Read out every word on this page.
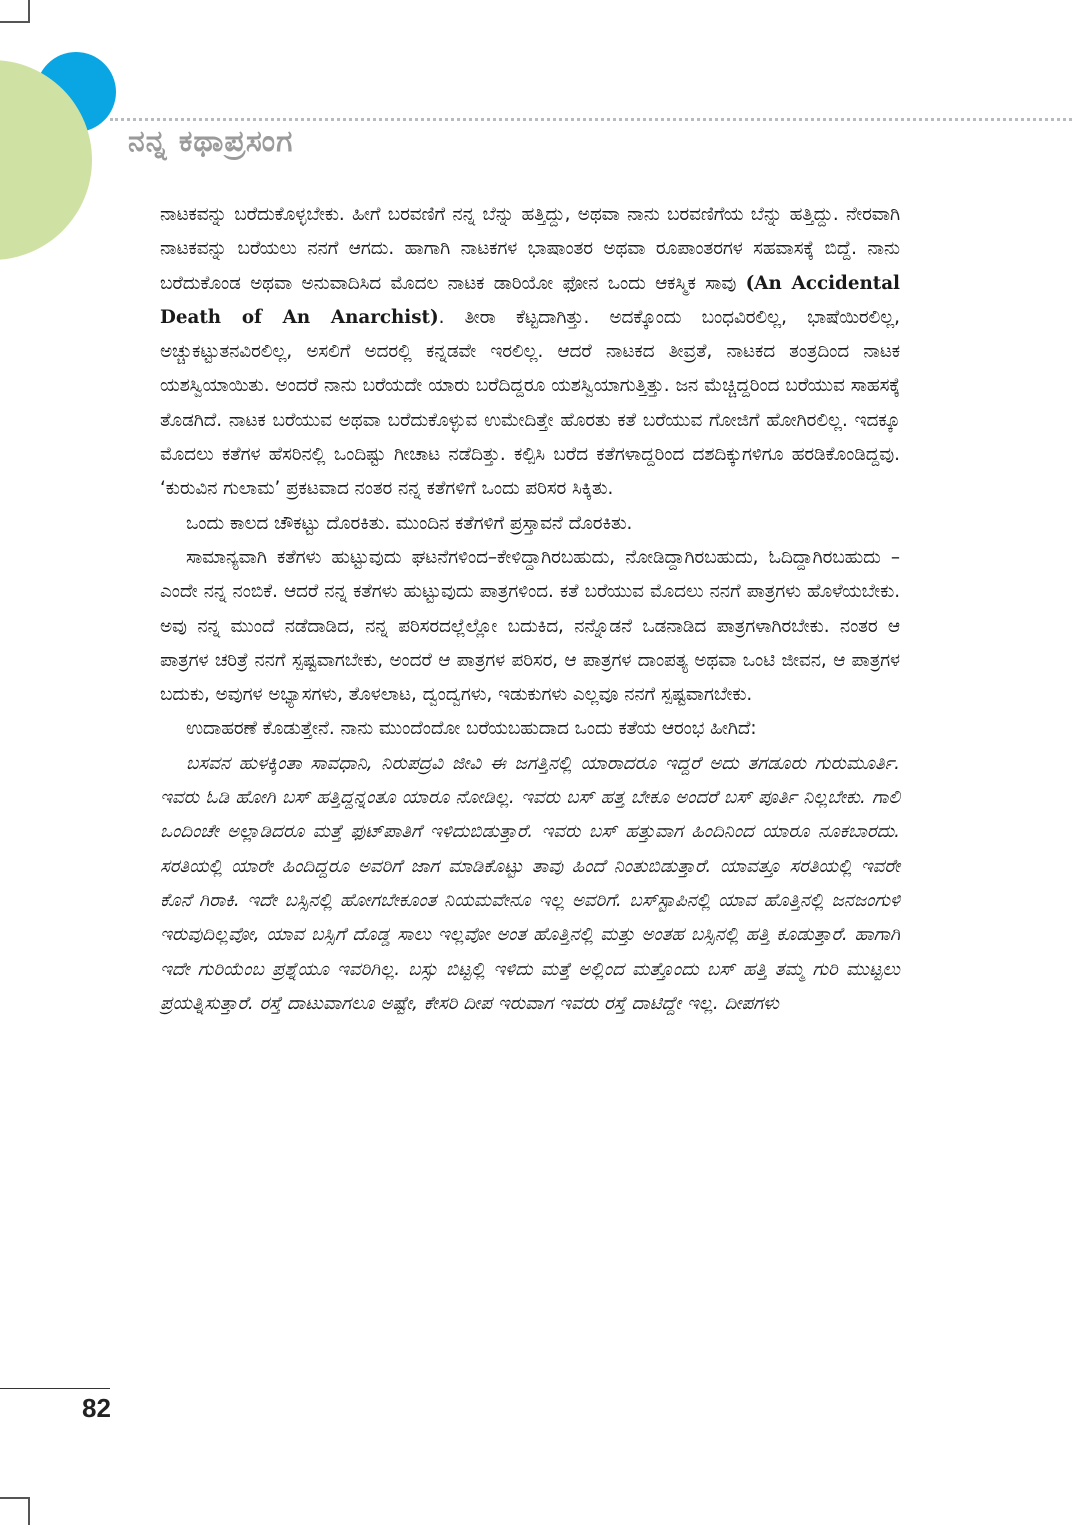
ನನ್ನ ಕಥಾಪ್ರಸಂಗ

ನಾಟಕವನ್ನು ಬರೆದುಕೊಳ್ಳಬೇಕು. ಹೀಗೆ ಬರವಣಿಗೆ ನನ್ನ ಬೆನ್ನು ಹತ್ತಿದ್ದು, ಅಥವಾ ನಾನು ಬರವಣಿಗೆಯ ಬೆನ್ನು ಹತ್ತಿದ್ದು. ನೇರವಾಗಿ ನಾಟಕವನ್ನು ಬರೆಯಲು ನನಗೆ ಆಗದು. ಹಾಗಾಗಿ ನಾಟಕಗಳ ಭಾಷಾಂತರ ಅಥವಾ ರೂಪಾಂತರಗಳ ಸಹವಾಸಕ್ಕೆ ಬಿದ್ದೆ. ನಾನು ಬರೆದುಕೊಂಡ ಅಥವಾ ಅನುವಾದಿಸಿದ ಮೊದಲ ನಾಟಕ ಡಾರಿಯೋ ಫೋನ ಒಂದು ಆಕಸ್ಮಿಕ ಸಾವು (An Accidental Death of An Anarchist). ತೀರಾ ಕೆಟ್ಟದಾಗಿತ್ತು. ಅದಕ್ಕೊಂದು ಬಂಧವಿರಲಿಲ್ಲ, ಭಾಷೆಯಿರಲಿಲ್ಲ, ಅಚ್ಚುಕಟ್ಟುತನವಿರಲಿಲ್ಲ, ಅಸಲಿಗೆ ಅದರಲ್ಲಿ ಕನ್ನಡವೇ ಇರಲಿಲ್ಲ. ಆದರೆ ನಾಟಕದ ತೀವ್ರತೆ, ನಾಟಕದ ತಂತ್ರದಿಂದ ನಾಟಕ ಯಶಸ್ವಿಯಾಯಿತು. ಅಂದರೆ ನಾನು ಬರೆಯದೇ ಯಾರು ಬರೆದಿದ್ದರೂ ಯಶಸ್ವಿಯಾಗುತ್ತಿತ್ತು. ಜನ ಮೆಚ್ಚಿದ್ದರಿಂದ ಬರೆಯುವ ಸಾಹಸಕ್ಕೆ ತೊಡಗಿದೆ. ನಾಟಕ ಬರೆಯುವ ಅಥವಾ ಬರೆದುಕೊಳ್ಳುವ ಉಮೇದಿತ್ತೇ ಹೊರತು ಕತೆ ಬರೆಯುವ ಗೋಜಿಗೆ ಹೋಗಿರಲಿಲ್ಲ. ಇದಕ್ಕೂ ಮೊದಲು ಕತೆಗಳ ಹೆಸರಿನಲ್ಲಿ ಒಂದಿಷ್ಟು ಗೀಚಾಟ ನಡೆದಿತ್ತು. ಕಲ್ಪಿಸಿ ಬರೆದ ಕತೆಗಳಾದ್ದರಿಂದ ದಶದಿಕ್ಕುಗಳಿಗೂ ಹರಡಿಕೊಂಡಿದ್ದವು. ‘ಕುರುವಿನ ಗುಲಾಮ’ ಪ್ರಕಟವಾದ ನಂತರ ನನ್ನ ಕತೆಗಳಿಗೆ ಒಂದು ಪರಿಸರ ಸಿಕ್ಕಿತು.

ಒಂದು ಕಾಲದ ಚೌಕಟ್ಟು ದೊರಕಿತು. ಮುಂದಿನ ಕತೆಗಳಿಗೆ ಪ್ರಸ್ತಾವನೆ ದೊರಕಿತು.

ಸಾಮಾನ್ಯವಾಗಿ ಕತೆಗಳು ಹುಟ್ಟುವುದು ಘಟನೆಗಳಿಂದ–ಕೇಳಿದ್ದಾಗಿರಬಹುದು, ನೋಡಿದ್ದಾಗಿರಬಹುದು, ಓದಿದ್ದಾಗಿರಬಹುದು – ಎಂದೇ ನನ್ನ ನಂಬಿಕೆ. ಆದರೆ ನನ್ನ ಕತೆಗಳು ಹುಟ್ಟುವುದು ಪಾತ್ರಗಳಿಂದ. ಕತೆ ಬರೆಯುವ ಮೊದಲು ನನಗೆ ಪಾತ್ರಗಳು ಹೊಳೆಯಬೇಕು. ಅವು ನನ್ನ ಮುಂದೆ ನಡೆದಾಡಿದ, ನನ್ನ ಪರಿಸರದಲ್ಲೆಲ್ಲೋ ಬದುಕಿದ, ನನ್ನೊಡನೆ ಒಡನಾಡಿದ ಪಾತ್ರಗಳಾಗಿರಬೇಕು. ನಂತರ ಆ ಪಾತ್ರಗಳ ಚರಿತ್ರೆ ನನಗೆ ಸ್ಪಷ್ಟವಾಗಬೇಕು, ಅಂದರೆ ಆ ಪಾತ್ರಗಳ ಪರಿಸರ, ಆ ಪಾತ್ರಗಳ ದಾಂಪತ್ಯ ಅಥವಾ ಒಂಟಿ ಜೀವನ, ಆ ಪಾತ್ರಗಳ ಬದುಕು, ಅವುಗಳ ಅಭ್ಯಾಸಗಳು, ತೊಳಲಾಟ, ದ್ವಂದ್ವಗಳು, ಇಡುಕುಗಳು ಎಲ್ಲವೂ ನನಗೆ ಸ್ಪಷ್ಟವಾಗಬೇಕು.

ಉದಾಹರಣೆ ಕೊಡುತ್ತೇನೆ. ನಾನು ಮುಂದೆಂದೋ ಬರೆಯಬಹುದಾದ ಒಂದು ಕತೆಯ ಆರಂಭ ಹೀಗಿದೆ:

ಬಸವನ ಹುಳಕ್ಕಿಂತಾ ಸಾವಧಾನಿ, ನಿರುಪದ್ರವಿ ಜೀವಿ ಈ ಜಗತ್ತಿನಲ್ಲಿ ಯಾರಾದರೂ ಇದ್ದರೆ ಅದು ತಗಡೂರು ಗುರುಮೂರ್ತಿ. ಇವರು ಓಡಿ ಹೋಗಿ ಬಸ್ ಹತ್ತಿದ್ದನ್ನಂತೂ ಯಾರೂ ನೋಡಿಲ್ಲ. ಇವರು ಬಸ್ ಹತ್ತ ಬೇಕೂ ಅಂದರೆ ಬಸ್ ಪೂರ್ತಿ ನಿಲ್ಲಬೇಕು. ಗಾಲಿ ಒಂದಿಂಚೇ ಅಲ್ಲಾಡಿದರೂ ಮತ್ತೆ ಫುಟ್‌ಪಾತಿಗೆ ಇಳಿದುಬಿಡುತ್ತಾರೆ. ಇವರು ಬಸ್ ಹತ್ತುವಾಗ ಹಿಂದಿನಿಂದ ಯಾರೂ ನೂಕಬಾರದು. ಸರತಿಯಲ್ಲಿ ಯಾರೇ ಹಿಂದಿದ್ದರೂ ಅವರಿಗೆ ಜಾಗ ಮಾಡಿಕೊಟ್ಟು ತಾವು ಹಿಂದೆ ನಿಂತುಬಿಡುತ್ತಾರೆ. ಯಾವತ್ತೂ ಸರತಿಯಲ್ಲಿ ಇವರೇ ಕೊನೆ ಗಿರಾಕಿ. ಇದೇ ಬಸ್ಸಿನಲ್ಲಿ ಹೋಗಬೇಕೂಂತ ನಿಯಮವೇನೂ ಇಲ್ಲ ಅವರಿಗೆ. ಬಸ್‌ಸ್ಟಾಪಿನಲ್ಲಿ ಯಾವ ಹೊತ್ತಿನಲ್ಲಿ ಜನಜಂಗುಳಿ ಇರುವುದಿಲ್ಲವೋ, ಯಾವ ಬಸ್ಸಿಗೆ ದೊಡ್ಡ ಸಾಲು ಇಲ್ಲವೋ ಅಂತ ಹೊತ್ತಿನಲ್ಲಿ ಮತ್ತು ಅಂತಹ ಬಸ್ಸಿನಲ್ಲಿ ಹತ್ತಿ ಕೂಡುತ್ತಾರೆ. ಹಾಗಾಗಿ ಇದೇ ಗುರಿಯೆಂಬ ಪ್ರಶ್ನೆಯೂ ಇವರಿಗಿಲ್ಲ. ಬಸ್ಸು ಬಿಟ್ಟಲ್ಲಿ ಇಳಿದು ಮತ್ತೆ ಅಲ್ಲಿಂದ ಮತ್ತೊಂದು ಬಸ್ ಹತ್ತಿ ತಮ್ಮ ಗುರಿ ಮುಟ್ಟಲು ಪ್ರಯತ್ನಿಸುತ್ತಾರೆ. ರಸ್ತೆ ದಾಟುವಾಗಲೂ ಅಷ್ಟೇ, ಕೇಸರಿ ದೀಪ ಇರುವಾಗ ಇವರು ರಸ್ತೆ ದಾಟಿದ್ದೇ ಇಲ್ಲ. ದೀಪಗಳು

82
